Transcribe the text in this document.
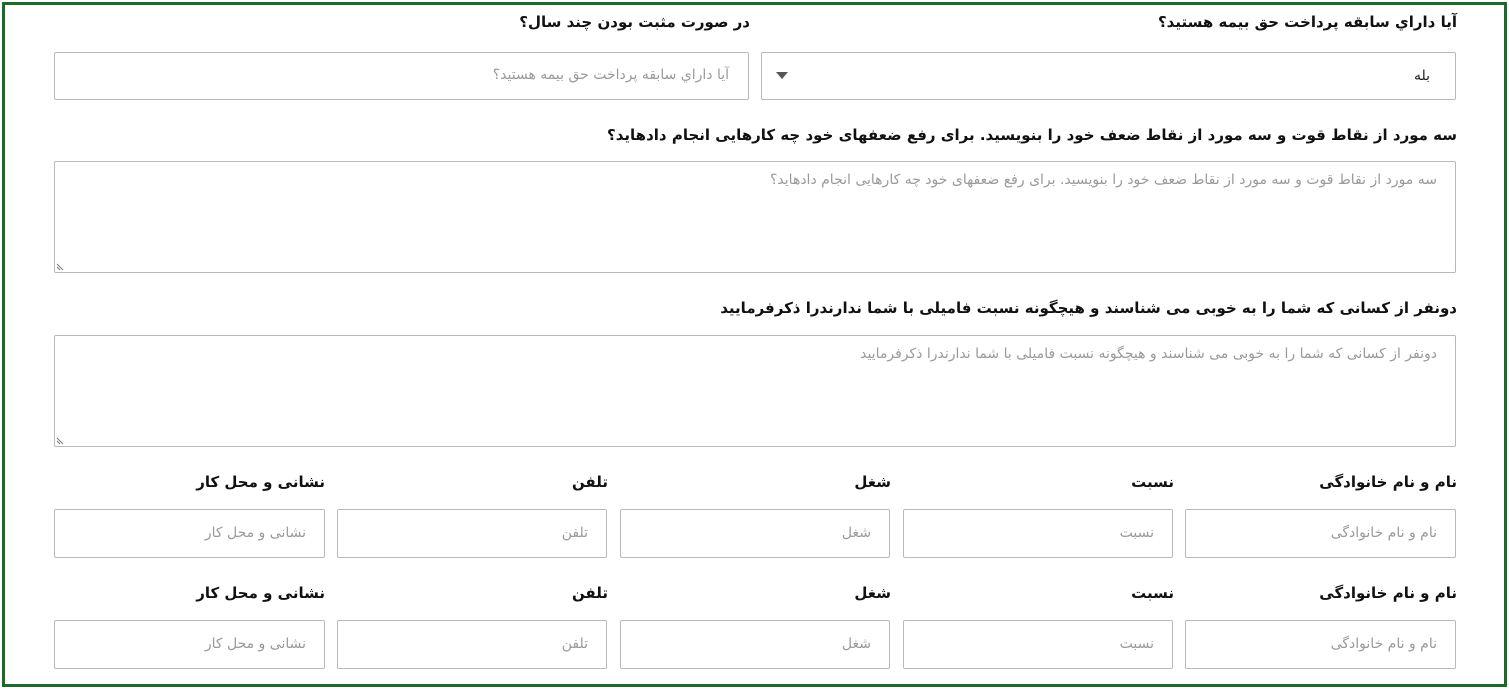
آیا داراي سابقه پرداخت حق بیمه هستید؟
در صورت مثبت بودن چند سال؟
بله
آیا داراي سابقه پرداخت حق بیمه هستید؟
سه مورد از نقاط قوت و سه مورد از نقاط ضعف خود را بنویسید. برای رفع ضعفهای خود چه کارهایی انجام دادهاید؟
سه مورد از نقاط قوت و سه مورد از نقاط ضعف خود را بنویسید. برای رفع ضعفهای خود چه کارهایی انجام دادهاید؟
دونفر از کسانی که شما را به خوبی می شناسند و هیچگونه نسبت فامیلی با شما ندارندرا ذکرفرمایید
دونفر از کسانی که شما را به خوبی می شناسند و هیچگونه نسبت فامیلی با شما ندارندرا ذکرفرمایید
نام و نام خانوادگی
نسبت
شغل
تلفن
نشانی و محل کار
نام و نام خانوادگی
نسبت
شغل
تلفن
نشانی و محل کار
نام و نام خانوادگی
نسبت
شغل
تلفن
نشانی و محل کار
نام و نام خانوادگی
نسبت
شغل
تلفن
نشانی و محل کار
